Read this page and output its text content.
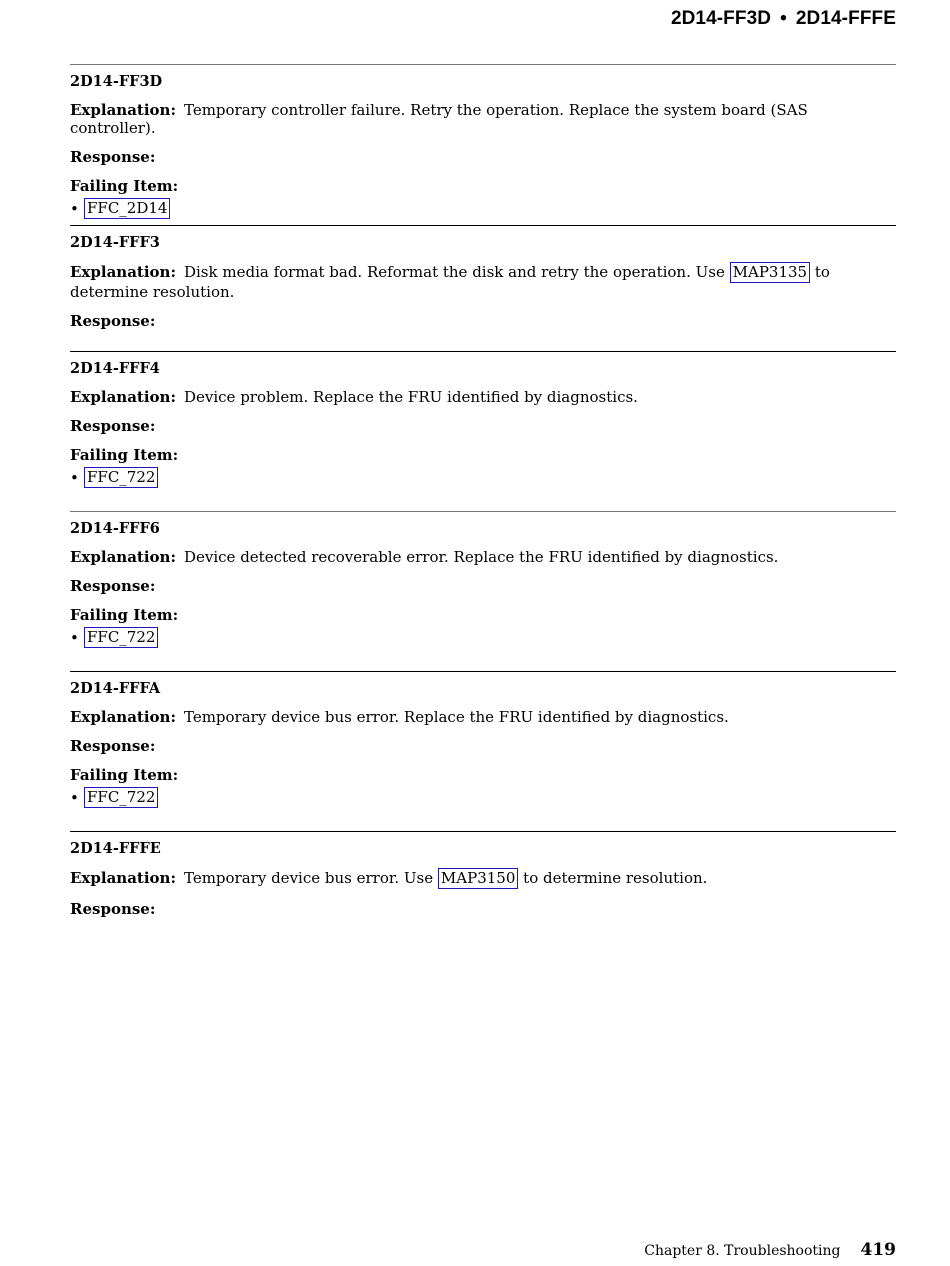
2D14-FF3D • 2D14-FFFE
2D14-FF3D
Explanation: Temporary controller failure. Retry the operation. Replace the system board (SAS controller).
Response:
Failing Item:
• FFC_2D14
2D14-FFF3
Explanation: Disk media format bad. Reformat the disk and retry the operation. Use MAP3135 to determine resolution.
Response:
2D14-FFF4
Explanation: Device problem. Replace the FRU identified by diagnostics.
Response:
Failing Item:
• FFC_722
2D14-FFF6
Explanation: Device detected recoverable error. Replace the FRU identified by diagnostics.
Response:
Failing Item:
• FFC_722
2D14-FFFA
Explanation: Temporary device bus error. Replace the FRU identified by diagnostics.
Response:
Failing Item:
• FFC_722
2D14-FFFE
Explanation: Temporary device bus error. Use MAP3150 to determine resolution.
Response:
Chapter 8. Troubleshooting 419
